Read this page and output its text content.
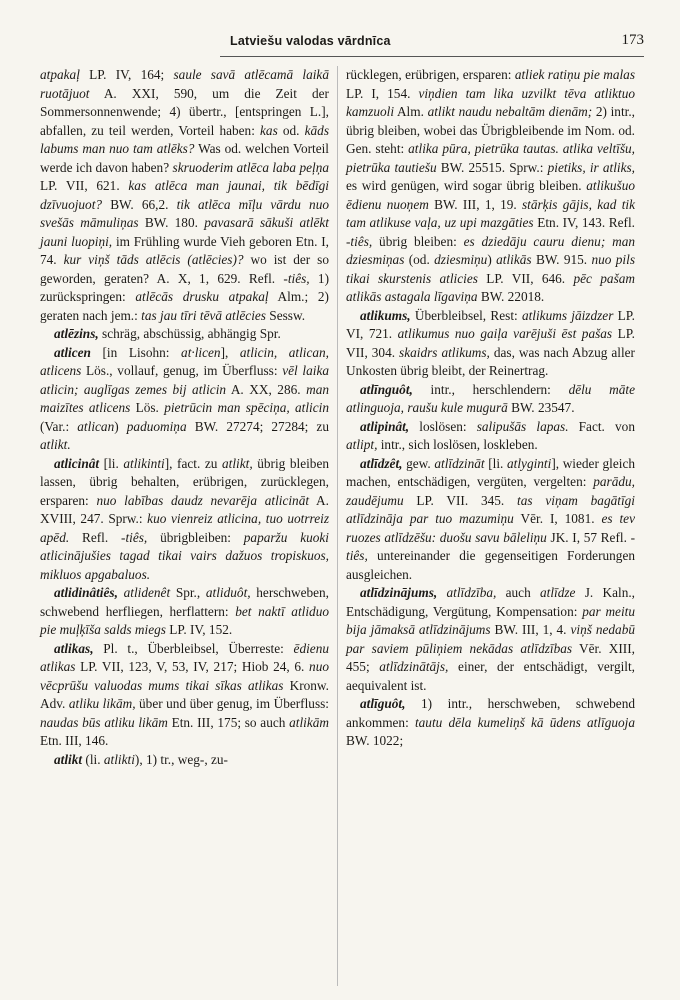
Latviešu valodas vārdnīca	173

atpakaļ LP. IV, 164; saule savā atlēcamā laikā ruotājuot A. XXI, 590, um die Zeit der Sommersonnenwende; 4) übertr., [entspringen L.], abfallen, zu teil werden, Vorteil haben: kas od. kāds labums man nuo tam atlēks? Was od. welchen Vorteil werde ich davon haben? skruoderim atlēca laba peļņa LP. VII, 621. kas atlēca man jaunai, tik bēdīgi dzīvuojuot? BW. 66,2. tik atlēca mīļu vārdu nuo svešās māmuliņas BW. 180. pavasarā sākuši atlēkt jauni luopiņi, im Frühling wurde Vieh geboren Etn. I, 74. kur viņš tāds atlēcis (atlēcies)? wo ist der so geworden, geraten? A. X, 1, 629. Refl. -tiês, 1) zurückspringen: atlēcās drusku atpakaļ Alm.; 2) geraten nach jem.: tas jau tīri tēvā atlēcies Sessw.

atlēzins, schräg, abschüssig, abhängig Spr.

atlicen [in Lisohn: at·licen], atlicin, atlican, atlicens Lös., vollauf, genug, im Überfluss: vēl laika atlicin; auglīgas zemes bij atlicin A. XX, 286. man maizītes atlicens Lös. pietrūcin man spēciņa, atlicin (Var.: atlican) paduomiņa BW. 27274; 27284; zu atlikt.

atlicinât [li. atlikinti], fact. zu atlikt, übrig bleiben lassen, übrig behalten, erübrigen, zurücklegen, ersparen: nuo labības daudz nevarēja atlicināt A. XVIII, 247. Sprw.: kuo vienreiz atlicina, tuo uotrreiz apēd. Refl. -tiês, übrigbleiben: paparžu kuoki atlicinājušies tagad tikai vairs dažuos tropiskuos, mikluos apgabaluos.

atlidinâtiês, atlidenêt Spr., atliduôt, herschweben, schwebend herfliegen, herflattern: bet naktī atliduo pie muļķīša salds miegs LP. IV, 152.

atlikas, Pl. t., Überbleibsel, Überreste: ēdienu atlikas LP. VII, 123, V, 53, IV, 217; Hiob 24, 6. nuo vēcprūšu valuodas mums tikai sīkas atlikas Kronw. Adv. atliku likām, über und über genug, im Überfluss: naudas būs atliku likām Etn. III, 175; so auch atlikām Etn. III, 146.

atlikt (li. atlikti), 1) tr., weg-, zu-

rücklegen, erübrigen, ersparen: atliek ratiņu pie malas LP. I, 154. viņdien tam lika uzvilkt tēva atliktuo kamzuoli Alm. atlikt naudu nebaltām dienām; 2) intr., übrig bleiben, wobei das Übrigbleibende im Nom. od. Gen. steht: atlika pūra, pietrūka tautas. atlika veltīšu, pietrūka tautiešu BW. 25515. Sprw.: pietiks, ir atliks, es wird genügen, wird sogar übrig bleiben. atlikušuo ēdienu nuoņem BW. III, 1, 19. stārķis gājis, kad tik tam atlikuse vaļa, uz upi mazgāties Etn. IV, 143. Refl. -tiês, übrig bleiben: es dziedāju cauru dienu; man dziesmiņas (od. dziesmiņu) atlikās BW. 915. nuo pils tikai skurstenis atlicies LP. VII, 646. pēc pašam atlikās astagala līgaviņa BW. 22018.

atlikums, Überbleibsel, Rest: atlikums jāizdzer LP. VI, 721. atlikumus nuo gaiļa varējuši ēst pašas LP. VII, 304. skaidrs atlikums, das, was nach Abzug aller Unkosten übrig bleibt, der Reinertrag.

atlīnguôt, intr., herschlendern: dēlu māte atlinguoja, raušu kule mugurā BW. 23547.

atlipinât, loslösen: salipušās lapas. Fact. von atlipt, intr., sich loslösen, loskleben.

atlīdzêt, gew. atlīdzināt [li. atlyginti], wieder gleich machen, entschädigen, vergüten, vergelten: parādu, zaudējumu LP. VII. 345. tas viņam bagātīgi atlīdzināja par tuo mazumiņu Vēr. I, 1081. es tev ruozes atlīdzēšu: duošu savu bāleliņu JK. I, 57 Refl. -tiês, untereinander die gegenseitigen Forderungen ausgleichen.

atlīdzinājums, atlīdzība, auch atlīdze J. Kaln., Entschädigung, Vergütung, Kompensation: par meitu bija jāmaksā atlīdzinājums BW. III, 1, 4. viņš nedabū par saviem pūliņiem nekādas atlīdzības Vēr. XIII, 455; atlīdzinātājs, einer, der entschädigt, vergilt, aequivalent ist.

atlīguôt, 1) intr., herschweben, schwebend ankommen: tautu dēla kumeliņš kā ūdens atlīguoja BW. 1022;
